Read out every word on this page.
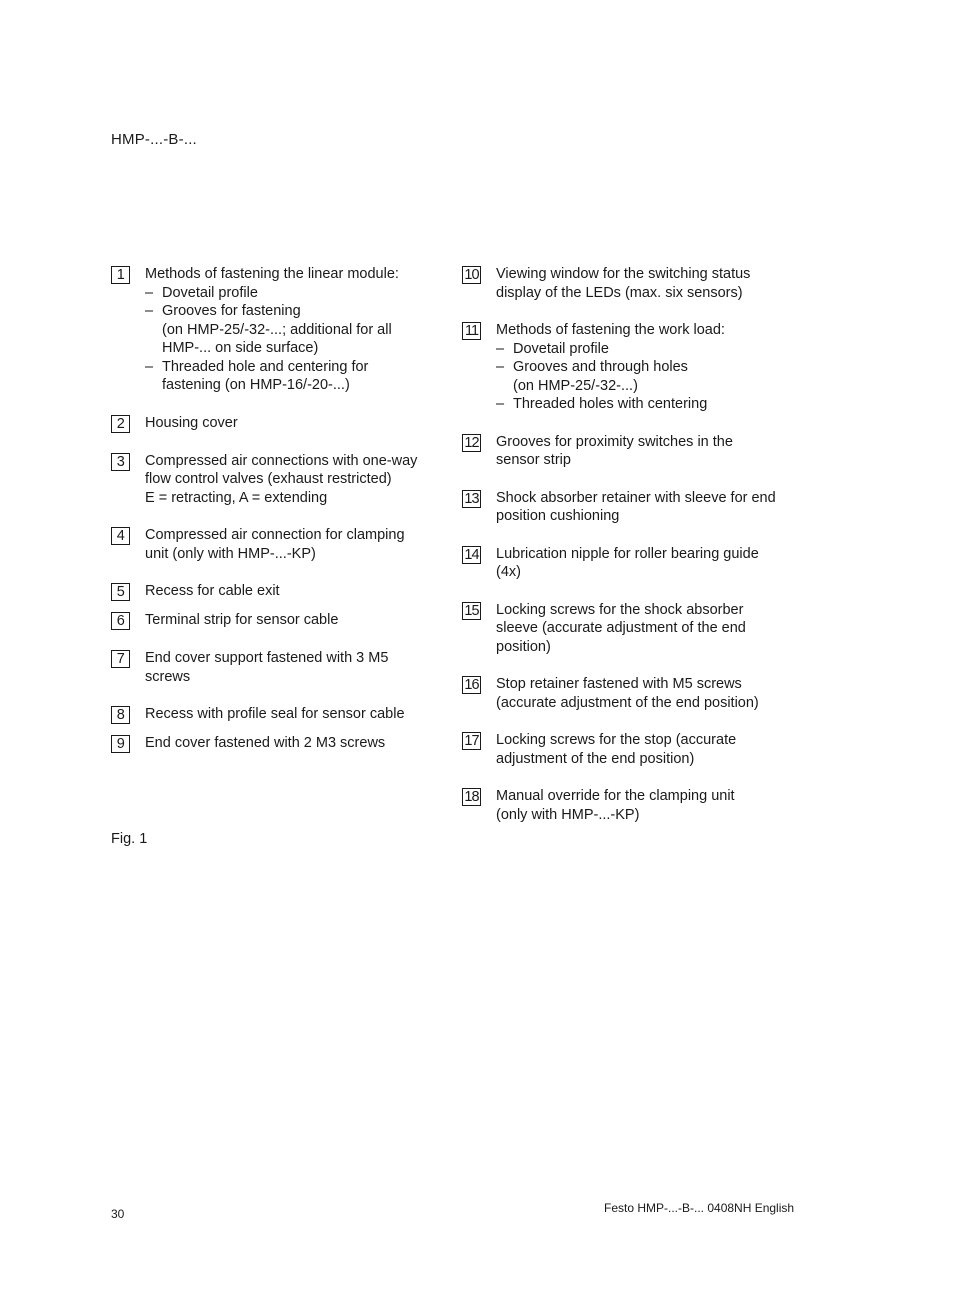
HMP-...-B-...
1	Methods of fastening the linear module:
– Dovetail profile
– Grooves for fastening
(on HMP-25/-32-...; additional for all
HMP-... on side surface)
– Threaded hole and centering for
fastening (on HMP-16/-20-...)
2	Housing cover
3	Compressed air connections with one-way
flow control valves (exhaust restricted)
E = retracting, A = extending
4	Compressed air connection for clamping
unit (only with HMP-...-KP)
5	Recess for cable exit
6	Terminal strip for sensor cable
7	End cover support fastened with 3 M5
screws
8	Recess with profile seal for sensor cable
9	End cover fastened with 2 M3 screws
10 Viewing window for the switching status
display of the LEDs (max. six sensors)
11 Methods of fastening the work load:
– Dovetail profile
– Grooves and through holes
(on HMP-25/-32-...)
– Threaded holes with centering
12 Grooves for proximity switches in the
sensor strip
13 Shock absorber retainer with sleeve for end
position cushioning
14 Lubrication nipple for roller bearing guide
(4x)
15 Locking screws for the shock absorber
sleeve (accurate adjustment of the end
position)
16 Stop retainer fastened with M5 screws
(accurate adjustment of the end position)
17 Locking screws for the stop (accurate
adjustment of the end position)
18 Manual override for the clamping unit
(only with HMP-...-KP)
Fig. 1
30	Festo HMP-...-B-... 0408NH English
